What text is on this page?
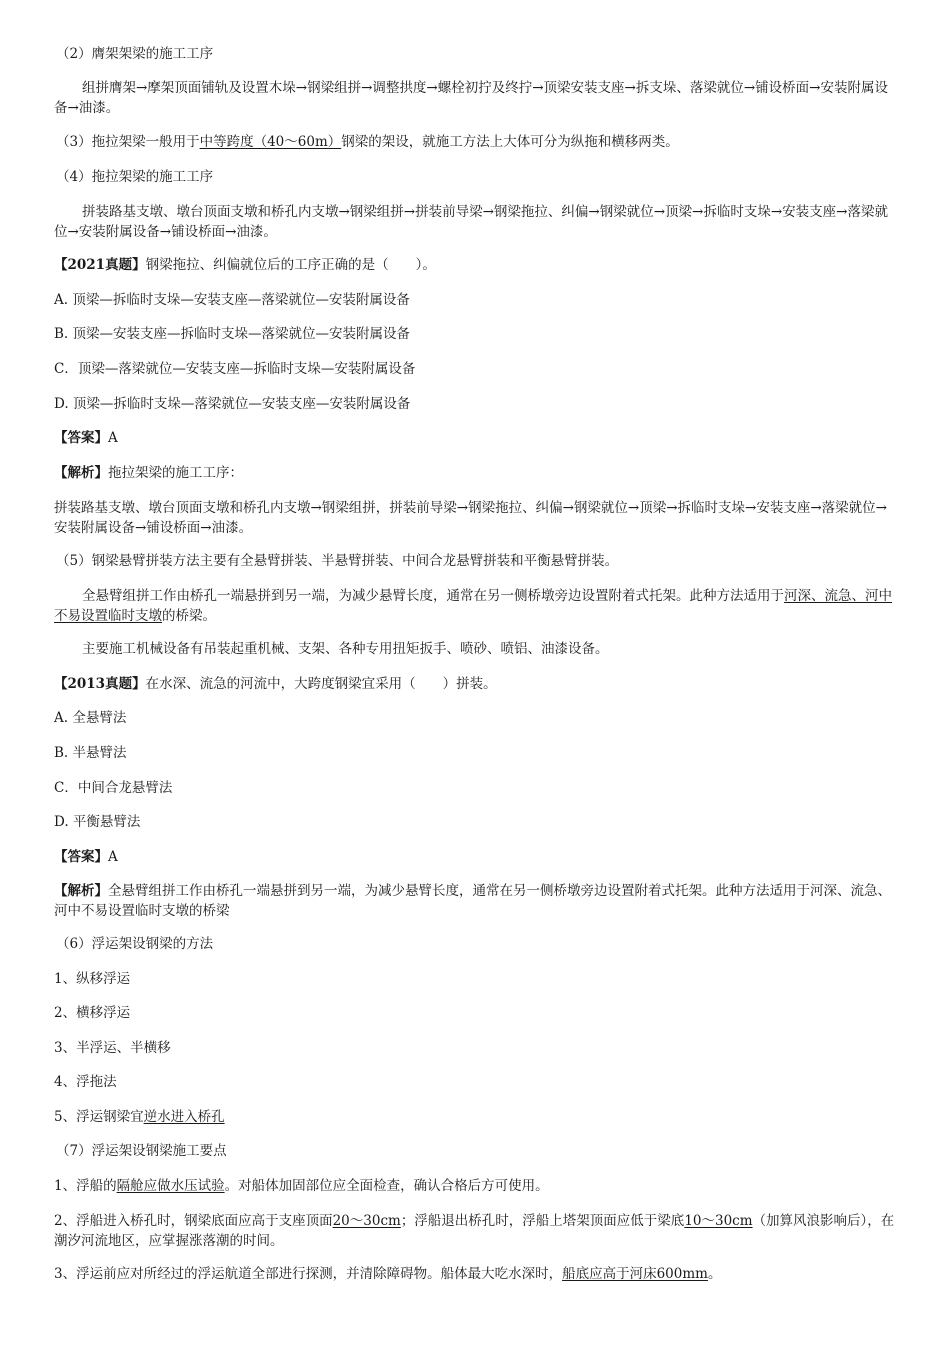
（2）膺架架梁的施工工序

组拼膺架→摩架顶面铺轨及设置木垛→钢梁组拼→调整拱度→螺栓初拧及终拧→顶梁安装支座→拆支垛、落梁就位→铺设桥面→安装附属设备→油漆。

（3）拖拉架梁一般用于中等跨度（40～60m）钢梁的架设，就施工方法上大体可分为纵拖和横移两类。

（4）拖拉架梁的施工工序

拼装路基支墩、墩台顶面支墩和桥孔内支墩→钢梁组拼→拼装前导梁→钢梁拖拉、纠偏→钢梁就位→顶梁→拆临时支垛→安装支座→落梁就位→安装附属设备→铺设桥面→油漆。

【2021真题】钢梁拖拉、纠偏就位后的工序正确的是（　　）。

A. 顶梁—拆临时支垛—安装支座—落梁就位—安装附属设备

B. 顶梁—安装支座—拆临时支垛—落梁就位—安装附属设备

C．顶梁—落梁就位—安装支座—拆临时支垛—安装附属设备

D. 顶梁—拆临时支垛—落梁就位—安装支座—安装附属设备

【答案】A

【解析】拖拉架梁的施工工序：

拼装路基支墩、墩台顶面支墩和桥孔内支墩→钢梁组拼，拼装前导梁→钢梁拖拉、纠偏→钢梁就位→顶梁→拆临时支垛→安装支座→落梁就位→安装附属设备→铺设桥面→油漆。

（5）钢梁悬臂拼装方法主要有全悬臂拼装、半悬臂拼装、中间合龙悬臂拼装和平衡悬臂拼装。

全悬臂组拼工作由桥孔一端悬拼到另一端，为减少悬臂长度，通常在另一侧桥墩旁边设置附着式托架。此种方法适用于河深、流急、河中不易设置临时支墩的桥梁。

主要施工机械设备有吊装起重机械、支架、各种专用扭矩扳手、喷砂、喷铝、油漆设备。

【2013真题】在水深、流急的河流中，大跨度钢梁宜采用（　　）拼装。

A. 全悬臂法

B. 半悬臂法

C．中间合龙悬臂法

D. 平衡悬臂法

【答案】A

【解析】全悬臂组拼工作由桥孔一端悬拼到另一端，为减少悬臂长度，通常在另一侧桥墩旁边设置附着式托架。此种方法适用于河深、流急、河中不易设置临时支墩的桥梁

（6）浮运架设钢梁的方法

1、纵移浮运

2、横移浮运

3、半浮运、半横移

4、浮拖法

5、浮运钢梁宜逆水进入桥孔

（7）浮运架设钢梁施工要点

1、浮船的隔舱应做水压试验。对船体加固部位应全面检查，确认合格后方可使用。

2、浮船进入桥孔时，钢梁底面应高于支座顶面20～30cm；浮船退出桥孔时，浮船上塔架顶面应低于梁底10～30cm（加算风浪影响后），在潮汐河流地区，应掌握涨落潮的时间。

3、浮运前应对所经过的浮运航道全部进行探测，并清除障碍物。船体最大吃水深时，船底应高于河床600mm。
